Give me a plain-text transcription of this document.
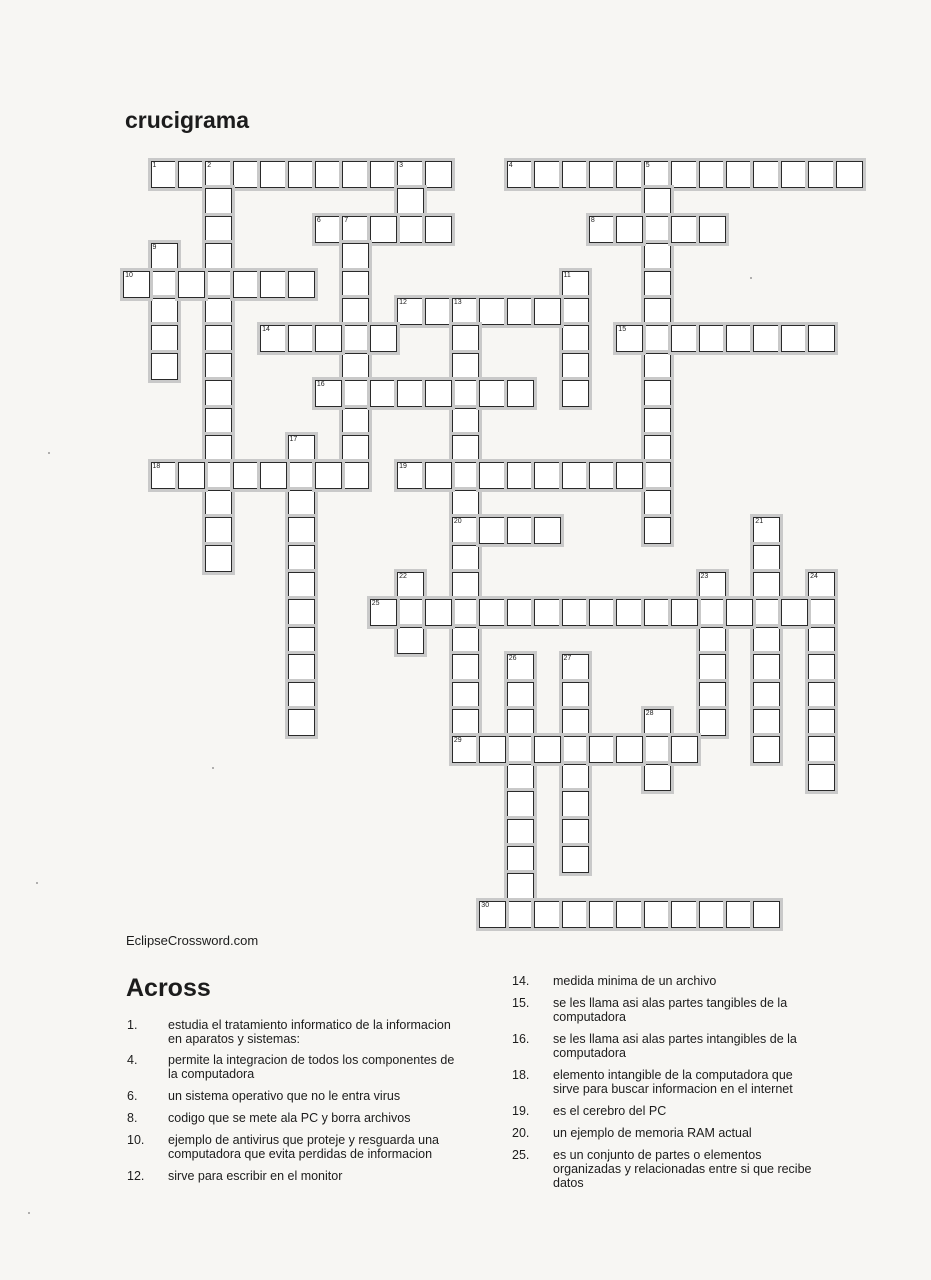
crucigrama
1	2	3	4	5
6	7	8
9
10	11
12	13
20
14	15
16
17
18	19
21
22	23	24
25
26	27
28
29
30
EclipseCrossword.com
Across
1. estudia el tratamiento informatico de la informacion en aparatos y sistemas:
4. permite la integracion de todos los componentes de la computadora
6. un sistema operativo que no le entra virus
8. codigo que se mete ala PC y borra archivos
10. ejemplo de antivirus que proteje y resguarda una computadora que evita perdidas de informacion
12. sirve para escribir en el monitor
14. medida minima de un archivo
15. se les llama asi alas partes tangibles de la computadora
16. se les llama asi alas partes intangibles de la computadora
18. elemento intangible de la computadora que sirve para buscar informacion en el internet
19. es el cerebro del PC
20. un ejemplo de memoria RAM actual
25. es un conjunto de partes o elementos organizadas y relacionadas entre si que recibe datos
